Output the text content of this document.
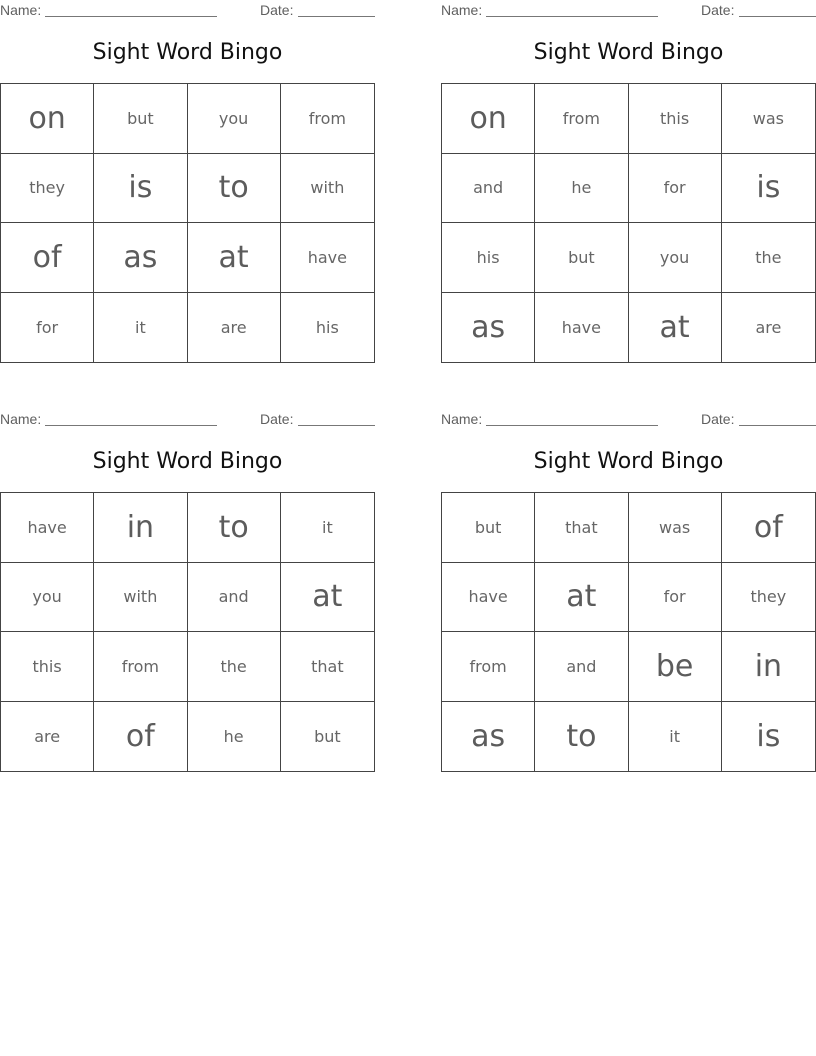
Name:	Date:
Sight Word Bingo
on	but	you	from
they	is	to	with
of	as	at	have
for	it	are	his
Name:	Date:
Sight Word Bingo
on	from	this	was
and	he	for	is
his	but	you	the
as	have	at	are
Name:	Date:
Sight Word Bingo
have	in	to	it
you	with	and	at
this	from	the	that
are	of	he	but
Name:	Date:
Sight Word Bingo
but	that	was	of
have	at	for	they
from	and	be	in
as	to	it	is
